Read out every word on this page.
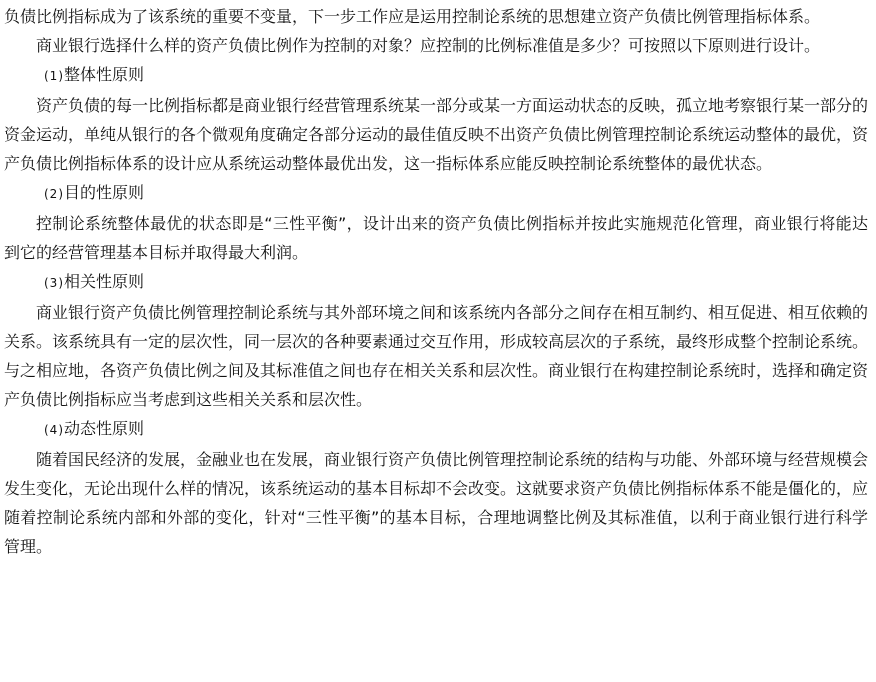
负债比例指标成为了该系统的重要不变量，下一步工作应是运用控制论系统的思想建立资产负债比例管理指标体系。

商业银行选择什么样的资产负债比例作为控制的对象？应控制的比例标准值是多少？可按照以下原则进行设计。

(1)整体性原则

资产负债的每一比例指标都是商业银行经营管理系统某一部分或某一方面运动状态的反映，孤立地考察银行某一部分的资金运动，单纯从银行的各个微观角度确定各部分运动的最佳值反映不出资产负债比例管理控制论系统运动整体的最优，资产负债比例指标体系的设计应从系统运动整体最优出发，这一指标体系应能反映控制论系统整体的最优状态。

(2)目的性原则

控制论系统整体最优的状态即是“三性平衡”，设计出来的资产负债比例指标并按此实施规范化管理，商业银行将能达到它的经营管理基本目标并取得最大利润。

(3)相关性原则

商业银行资产负债比例管理控制论系统与其外部环境之间和该系统内各部分之间存在相互制约、相互促进、相互依赖的关系。该系统具有一定的层次性，同一层次的各种要素通过交互作用，形成较高层次的子系统，最终形成整个控制论系统。与之相应地，各资产负债比例之间及其标准值之间也存在相关关系和层次性。商业银行在构建控制论系统时，选择和确定资产负债比例指标应当考虑到这些相关关系和层次性。

(4)动态性原则

随着国民经济的发展，金融业也在发展，商业银行资产负债比例管理控制论系统的结构与功能、外部环境与经营规模会发生变化，无论出现什么样的情况，该系统运动的基本目标却不会改变。这就要求资产负债比例指标体系不能是僵化的，应随着控制论系统内部和外部的变化，针对“三性平衡”的基本目标，合理地调整比例及其标准值，以利于商业银行进行科学管理。
